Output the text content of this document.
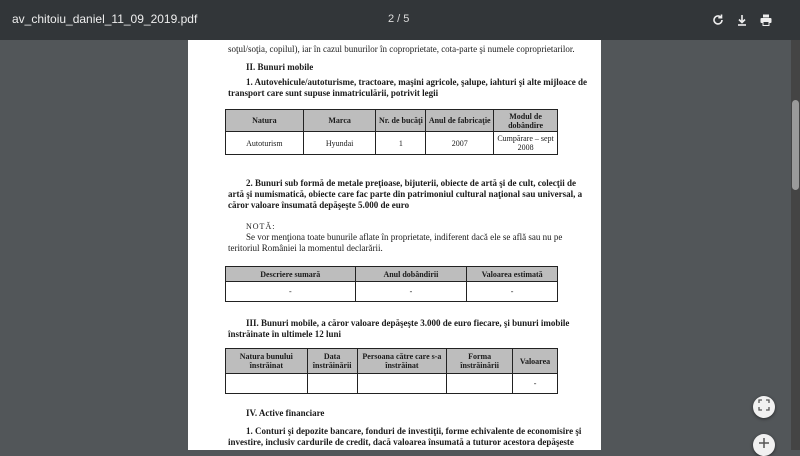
av_chitoiu_daniel_11_09_2019.pdf	2 / 5
soţul/soţia, copilul), iar în cazul bunurilor în coproprietate, cota-parte şi numele coproprietarilor.
II. Bunuri mobile
1. Autovehicule/autoturisme, tractoare, maşini agricole, şalupe, iahturi şi alte mijloace de
transport care sunt supuse inmatriculării, potrivit legii
Natura	Marca	Nr. de bucăţi	Anul de fabricaţie	Modul de dobândire
Autoturism	Hyundai	1	2007	Cumpărare – sept 2008
2. Bunuri sub formă de metale preţioase, bijuterii, obiecte de artă şi de cult, colecţii de
artă şi numismatică, obiecte care fac parte din patrimoniul cultural naţional sau universal, a
căror valoare însumată depăşeşte 5.000 de euro
NOTĂ:
Se vor menţiona toate bunurile aflate în proprietate, indiferent dacă ele se află sau nu pe
teritoriul României la momentul declarării.
Descriere sumară	Anul dobândirii	Valoarea estimată
-	-	-
III. Bunuri mobile, a căror valoare depăşeşte 3.000 de euro fiecare, şi bunuri imobile
înstrăinate în ultimele 12 luni
Natura bunului înstrăinat	Data înstrăinării	Persoana către care s-a înstrăinat	Forma înstrăinării	Valoarea
				-
IV. Active financiare
1. Conturi şi depozite bancare, fonduri de investiţii, forme echivalente de economisire şi
investire, inclusiv cardurile de credit, dacă valoarea însumată a tuturor acestora depăşeste
